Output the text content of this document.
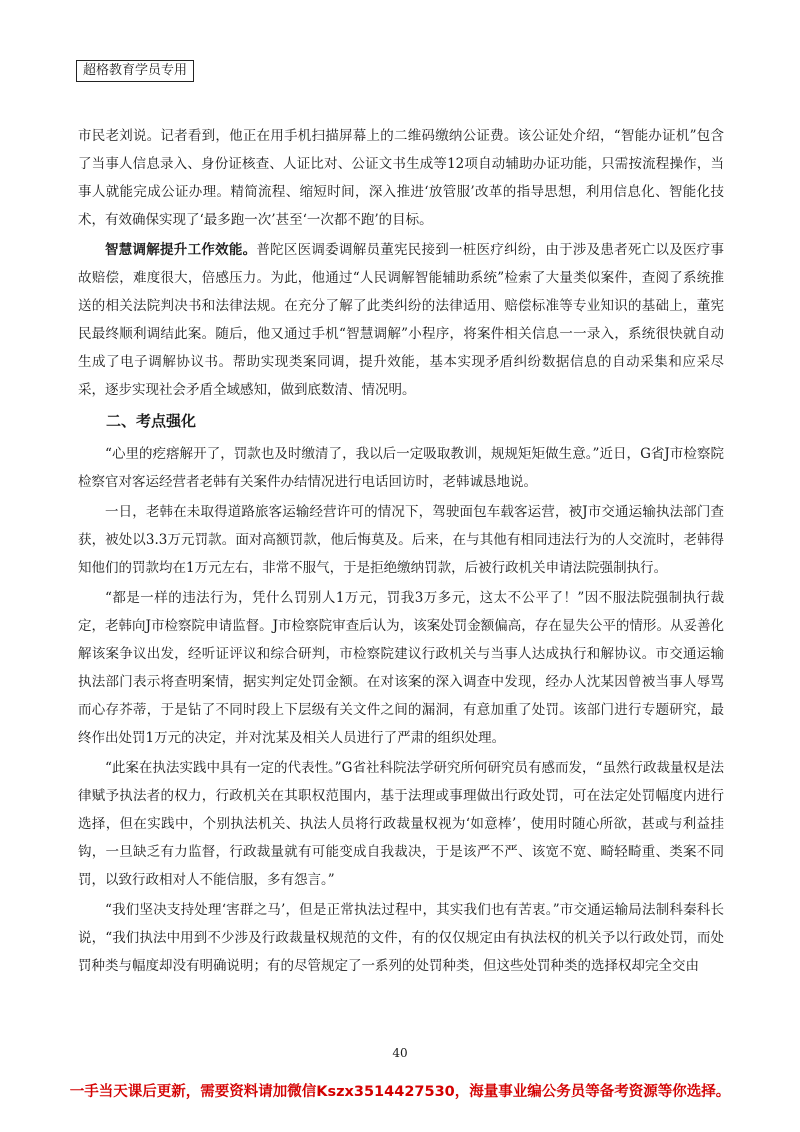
超格教育学员专用

市民老刘说。记者看到，他正在用手机扫描屏幕上的二维码缴纳公证费。该公证处介绍，“智能办证机”包含了当事人信息录入、身份证核查、人证比对、公证文书生成等12项自动辅助办证功能，只需按流程操作，当事人就能完成公证办理。精简流程、缩短时间，深入推进‘放管服’改革的指导思想，利用信息化、智能化技术，有效确保实现了‘最多跑一次’甚至‘一次都不跑’的目标。

智慧调解提升工作效能。普陀区医调委调解员董宪民接到一桩医疗纠纷，由于涉及患者死亡以及医疗事故赔偿，难度很大，倍感压力。为此，他通过“人民调解智能辅助系统”检索了大量类似案件，查阅了系统推送的相关法院判决书和法律法规。在充分了解了此类纠纷的法律适用、赔偿标准等专业知识的基础上，董宪民最终顺利调结此案。随后，他又通过手机“智慧调解”小程序，将案件相关信息一一录入，系统很快就自动生成了电子调解协议书。帮助实现类案同调，提升效能，基本实现矛盾纠纷数据信息的自动采集和应采尽采，逐步实现社会矛盾全域感知，做到底数清、情况明。

二、考点强化

“心里的疙瘩解开了，罚款也及时缴清了，我以后一定吸取教训，规规矩矩做生意。”近日，G省J市检察院检察官对客运经营者老韩有关案件办结情况进行电话回访时，老韩诚恳地说。

一日，老韩在未取得道路旅客运输经营许可的情况下，驾驶面包车载客运营，被J市交通运输执法部门查获，被处以3.3万元罚款。面对高额罚款，他后悔莫及。后来，在与其他有相同违法行为的人交流时，老韩得知他们的罚款均在1万元左右，非常不服气，于是拒绝缴纳罚款，后被行政机关申请法院强制执行。

“都是一样的违法行为，凭什么罚别人1万元，罚我3万多元，这太不公平了！”因不服法院强制执行裁定，老韩向J市检察院申请监督。J市检察院审查后认为，该案处罚金额偏高，存在显失公平的情形。从妥善化解该案争议出发，经听证评议和综合研判，市检察院建议行政机关与当事人达成执行和解协议。市交通运输执法部门表示将查明案情，据实判定处罚金额。在对该案的深入调查中发现，经办人沈某因曾被当事人辱骂而心存芥蒂，于是钻了不同时段上下层级有关文件之间的漏洞，有意加重了处罚。该部门进行专题研究，最终作出处罚1万元的决定，并对沈某及相关人员进行了严肃的组织处理。

“此案在执法实践中具有一定的代表性。”G省社科院法学研究所何研究员有感而发，“虽然行政裁量权是法律赋予执法者的权力，行政机关在其职权范围内，基于法理或事理做出行政处罚，可在法定处罚幅度内进行选择，但在实践中，个别执法机关、执法人员将行政裁量权视为‘如意棒’，使用时随心所欲，甚或与利益挂钩，一旦缺乏有力监督，行政裁量就有可能变成自我裁决，于是该严不严、该宽不宽、畸轻畸重、类案不同罚，以致行政相对人不能信服，多有怨言。”

“我们坚决支持处理‘害群之马’，但是正常执法过程中，其实我们也有苦衷。”市交通运输局法制科秦科长说，“我们执法中用到不少涉及行政裁量权规范的文件，有的仅仅规定由有执法权的机关予以行政处罚，而处罚种类与幅度却没有明确说明；有的尽管规定了一系列的处罚种类，但这些处罚种类的选择权却完全交由

40
一手当天课后更新，需要资料请加微信Kszx3514427530，海量事业编公务员等备考资源等你选择。
